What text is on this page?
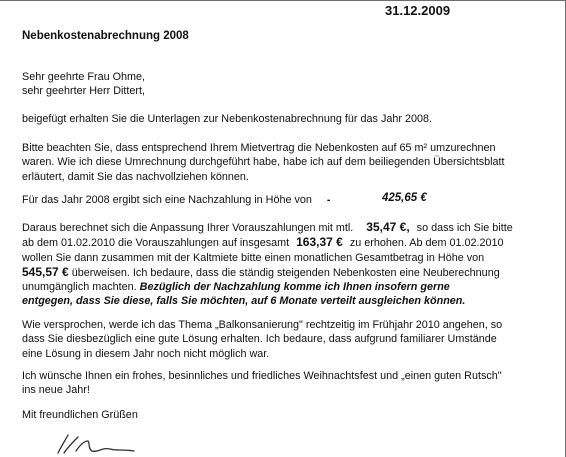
31.12.2009
Nebenkostenabrechnung 2008
Sehr geehrte Frau Ohme,
sehr geehrter Herr Dittert,
beigefügt erhalten Sie die Unterlagen zur Nebenkostenabrechnung für das Jahr 2008.
Bitte beachten Sie, dass entsprechend Ihrem Mietvertrag die Nebenkosten auf 65 m² umzurechnen
waren. Wie ich diese Umrechnung durchgeführt habe, habe ich auf dem beiliegenden Übersichtsblatt
erläutert, damit Sie das nachvollziehen können.
Für das Jahr 2008 ergibt sich eine Nachzahlung in Höhe von -	425,65 €
Daraus berechnet sich die Anpassung Ihrer Vorauszahlungen mit mtl. 35,47 €, so dass ich Sie bitte
ab dem 01.02.2010 die Vorauszahlungen auf insgesamt 163,37 € zu erhohen. Ab dem 01.02.2010
wollen Sie dann zusammen mit der Kaltmiete bitte einen monatlichen Gesamtbetrag in Höhe von
545,57 € überweisen. Ich bedaure, dass die ständig steigenden Nebenkosten eine Neuberechnung
unumgänglich machten. Bezüglich der Nachzahlung komme ich Ihnen insofern gerne
entgegen, dass Sie diese, falls Sie möchten, auf 6 Monate verteilt ausgleichen können.
Wie versprochen, werde ich das Thema „Balkonsanierung" rechtzeitig im Frühjahr 2010 angehen, so
dass Sie diesbezüglich eine gute Lösung erhalten. Ich bedaure, dass aufgrund familiarer Umstände
eine Lösung in diesem Jahr noch nicht möglich war.
Ich wünsche Ihnen ein frohes, besinnliches und friedliches Weihnachtsfest und „einen guten Rutsch"
ins neue Jahr!
Mit freundlichen Grüßen
